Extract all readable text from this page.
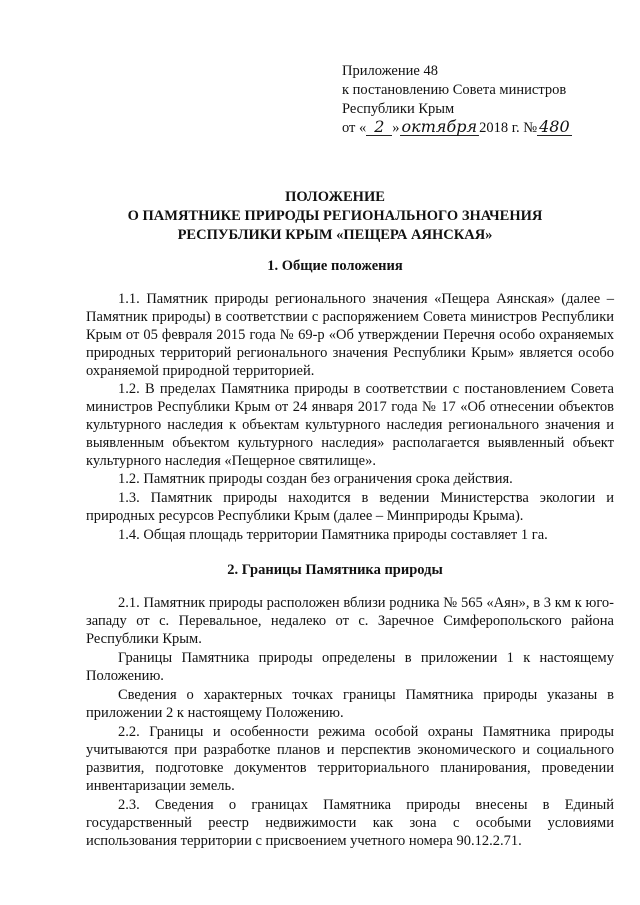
Приложение 48
к постановлению Совета министров
Республики Крым
от « 2 » октября 2018 г. № 480
ПОЛОЖЕНИЕ
О ПАМЯТНИКЕ ПРИРОДЫ РЕГИОНАЛЬНОГО ЗНАЧЕНИЯ
РЕСПУБЛИКИ КРЫМ «ПЕЩЕРА АЯНСКАЯ»
1. Общие положения

1.1. Памятник природы регионального значения «Пещера Аянская» (далее – Памятник природы) в соответствии с распоряжением Совета министров Республики Крым от 05 февраля 2015 года № 69-р «Об утверждении Перечня особо охраняемых природных территорий регионального значения Республики Крым» является особо охраняемой природной территорией.

1.2. В пределах Памятника природы в соответствии с постановлением Совета министров Республики Крым от 24 января 2017 года № 17 «Об отнесении объектов культурного наследия к объектам культурного наследия регионального значения и выявленным объектом культурного наследия» располагается выявленный объект культурного наследия «Пещерное святилище».

1.2. Памятник природы создан без ограничения срока действия.

1.3. Памятник природы находится в ведении Министерства экологии и природных ресурсов Республики Крым (далее – Минприроды Крыма).

1.4. Общая площадь территории Памятника природы составляет 1 га.

2. Границы Памятника природы

2.1. Памятник природы расположен вблизи родника № 565 «Аян», в 3 км к юго-западу от с. Перевальное, недалеко от с. Заречное Симферопольского района Республики Крым.

Границы Памятника природы определены в приложении 1 к настоящему Положению.

Сведения о характерных точках границы Памятника природы указаны в приложении 2 к настоящему Положению.

2.2. Границы и особенности режима особой охраны Памятника природы учитываются при разработке планов и перспектив экономического и социального развития, подготовке документов территориального планирования, проведении инвентаризации земель.

2.3. Сведения о границах Памятника природы внесены в Единый государственный реестр недвижимости как зона с особыми условиями использования территории с присвоением учетного номера 90.12.2.71.
